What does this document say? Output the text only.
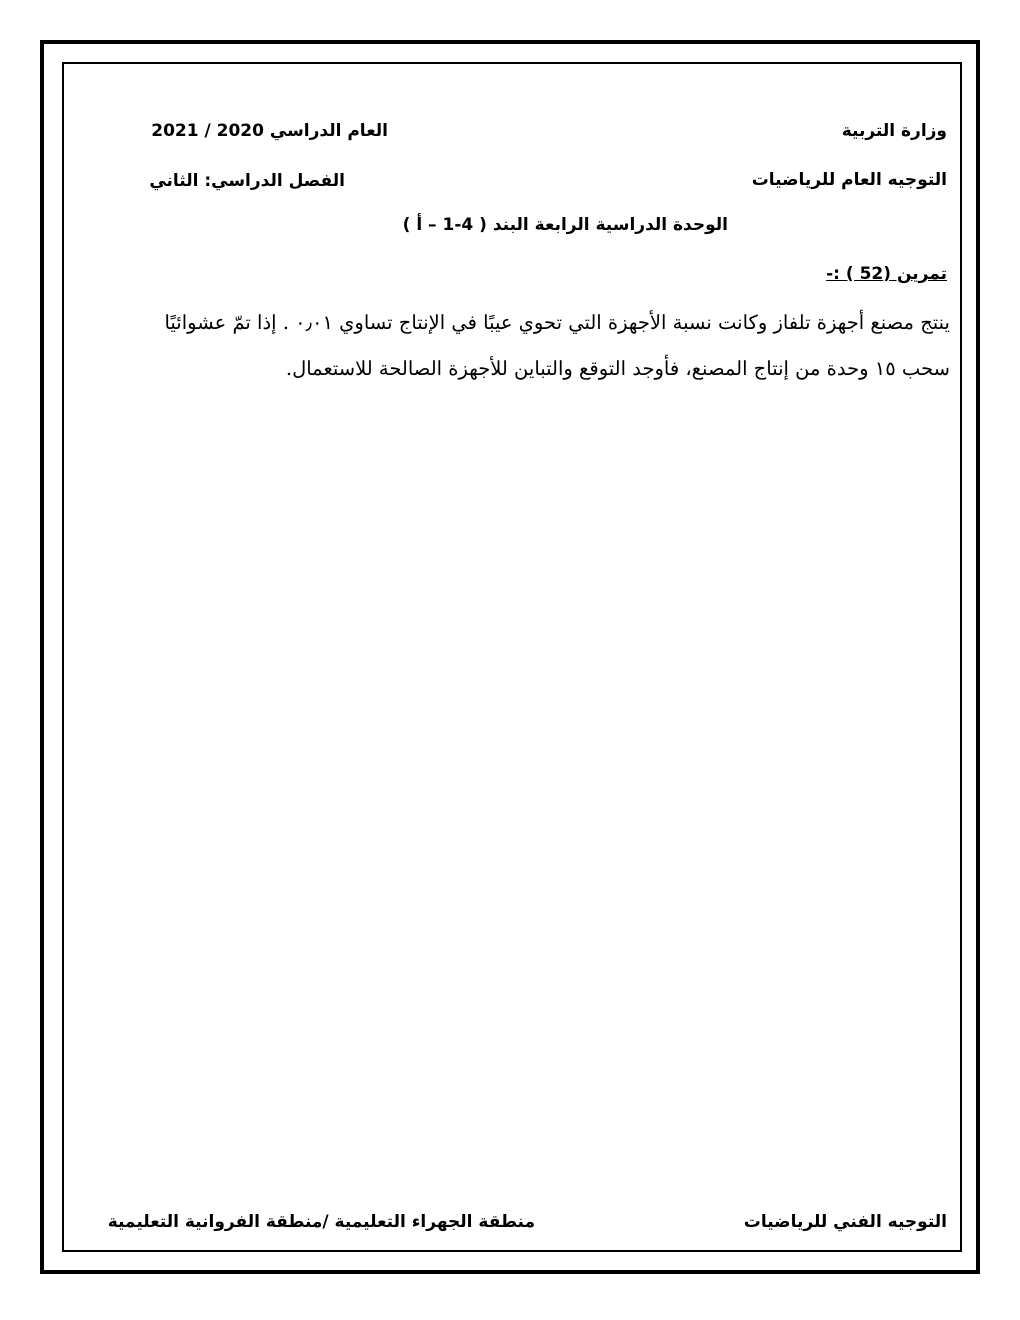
وزارة التربية
العام الدراسي 2020 / 2021
التوجيه العام للرياضيات
الفصل الدراسي: الثاني
الوحدة الدراسية الرابعة البند ( 4-1 – أ )
تمرين (52 ) :-
ينتج مصنع أجهزة تلفاز وكانت نسبة الأجهزة التي تحوي عيبًا في الإنتاج تساوي ٠٫٠١ . إذا تمّ عشوائيًا
سحب ١٥ وحدة من إنتاج المصنع، فأوجد التوقع والتباين للأجهزة الصالحة للاستعمال.
التوجيه الفني للرياضيات
منطقة الجهراء التعليمية /منطقة الفروانية التعليمية
